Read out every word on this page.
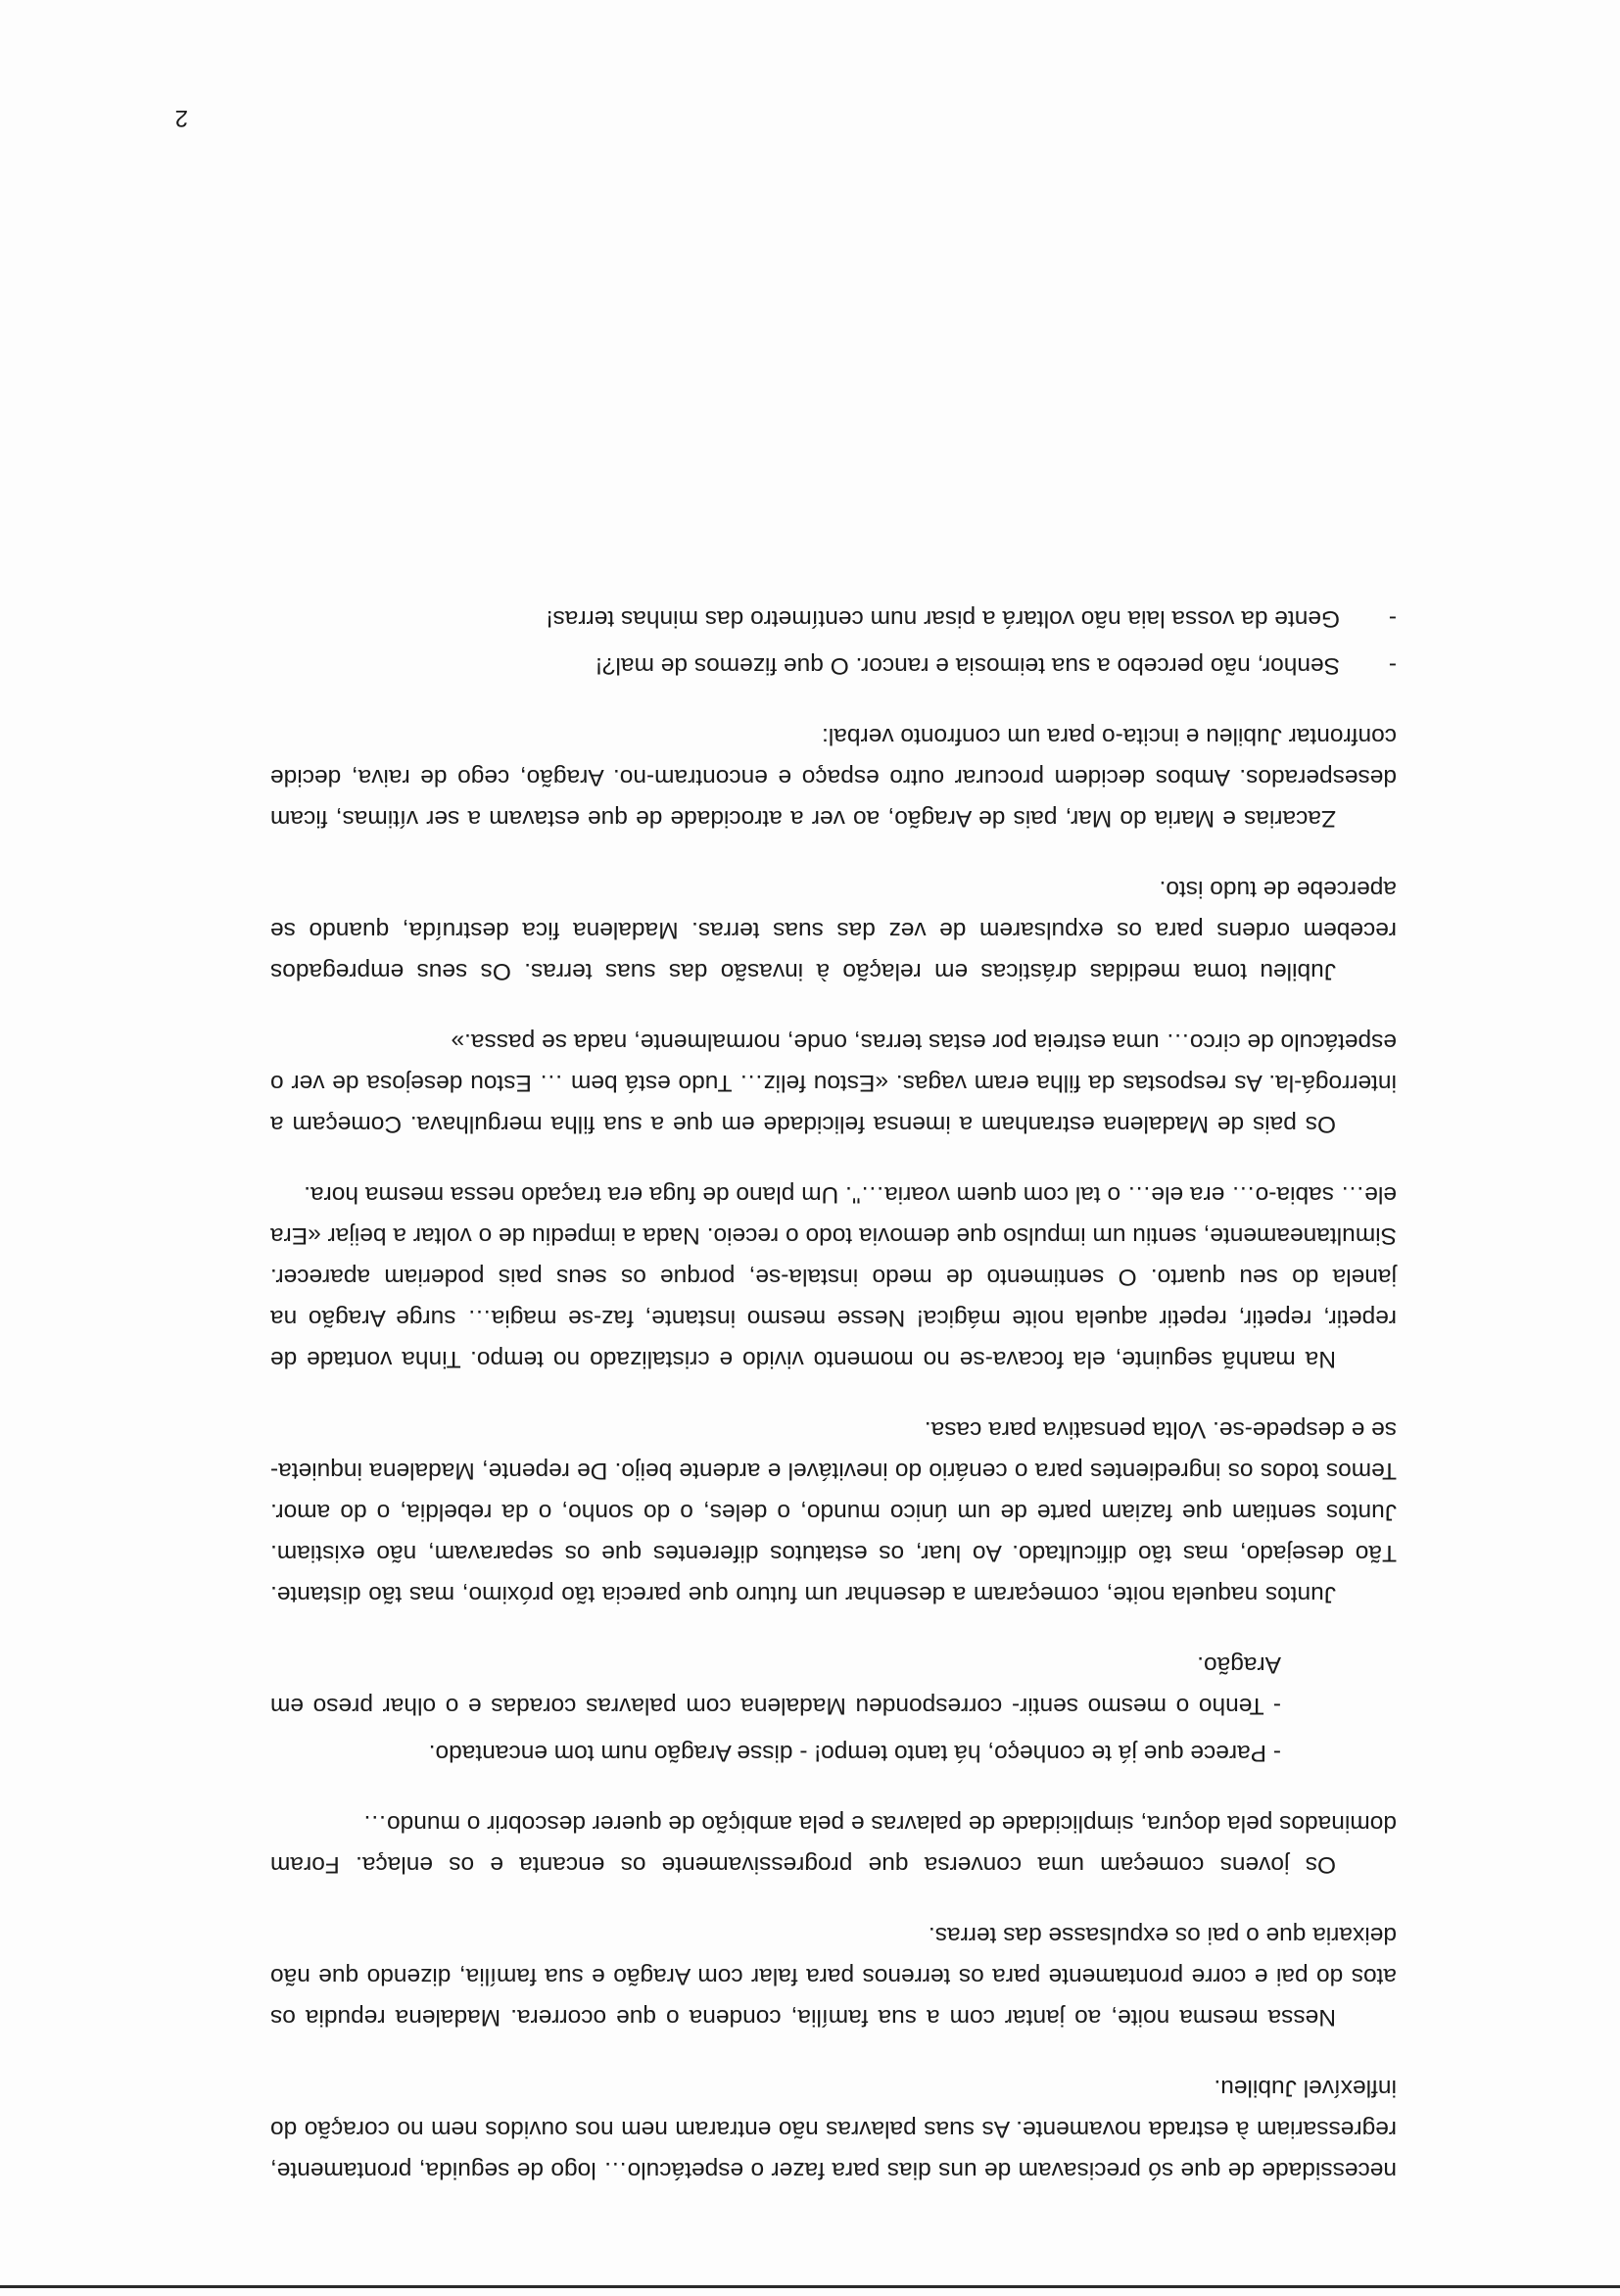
necessidade de que só precisavam de uns dias para fazer o espetáculo… logo de seguida, prontamente, regressariam à estrada novamente. As suas palavras não entraram nem nos ouvidos nem no coração do inflexível Jubileu.

Nessa mesma noite, ao jantar com a sua família, condena o que ocorrera. Madalena repudia os atos do pai e corre prontamente para os terrenos para falar com Aragão e sua família, dizendo que não deixaria que o pai os expulsasse das terras.

Os jovens começam uma conversa que progressivamente os encanta e os enlaça. Foram dominados pela doçura, simplicidade de palavras e pela ambição de querer descobrir o mundo…

- Parece que já te conheço, há tanto tempo! - disse Aragão num tom encantado.

- Tenho o mesmo sentir- correspondeu Madalena com palavras coradas e o olhar preso em Aragão.

Juntos naquela noite, começaram a desenhar um futuro que parecia tão próximo, mas tão distante. Tão desejado, mas tão dificultado. Ao luar, os estatutos diferentes que os separavam, não existiam. Juntos sentiam que faziam parte de um único mundo, o deles, o do sonho, o da rebeldia, o do amor. Temos todos os ingredientes para o cenário do inevitável e ardente beijo. De repente, Madalena inquieta-se e despede-se. Volta pensativa para casa.

Na manhã seguinte, ela focava-se no momento vivido e cristalizado no tempo. Tinha vontade de repetir, repetir, repetir aquela noite mágica! Nesse mesmo instante, faz-se magia… surge Aragão na janela do seu quarto. O sentimento de medo instala-se, porque os seus pais poderiam aparecer. Simultaneamente, sentiu um impulso que demovia todo o receio. Nada a impediu de o voltar a beijar «Era ele… sabia-o… era ele… o tal com quem voaria…". Um plano de fuga era traçado nessa mesma hora.

Os pais de Madalena estranham a imensa felicidade em que a sua filha mergulhava. Começam a interrogá-la. As respostas da filha eram vagas. «Estou feliz… Tudo está bem … Estou desejosa de ver o espetáculo de circo… uma estreia por estas terras, onde, normalmente, nada se passa.»

Jubileu toma medidas drásticas em relação à invasão das suas terras. Os seus empregados recebem ordens para os expulsarem de vez das suas terras. Madalena fica destruída, quando se apercebe de tudo isto.

Zacarias e Maria do Mar, pais de Aragão, ao ver a atrocidade de que estavam a ser vítimas, ficam desesperados. Ambos decidem procurar outro espaço e encontram-no. Aragão, cego de raiva, decide confrontar Jubileu e incita-o para um confronto verbal:

-Senhor, não percebo a sua teimosia e rancor. O que fizemos de mal?!

-Gente da vossa laia não voltará a pisar num centímetro das minhas terras!

2
